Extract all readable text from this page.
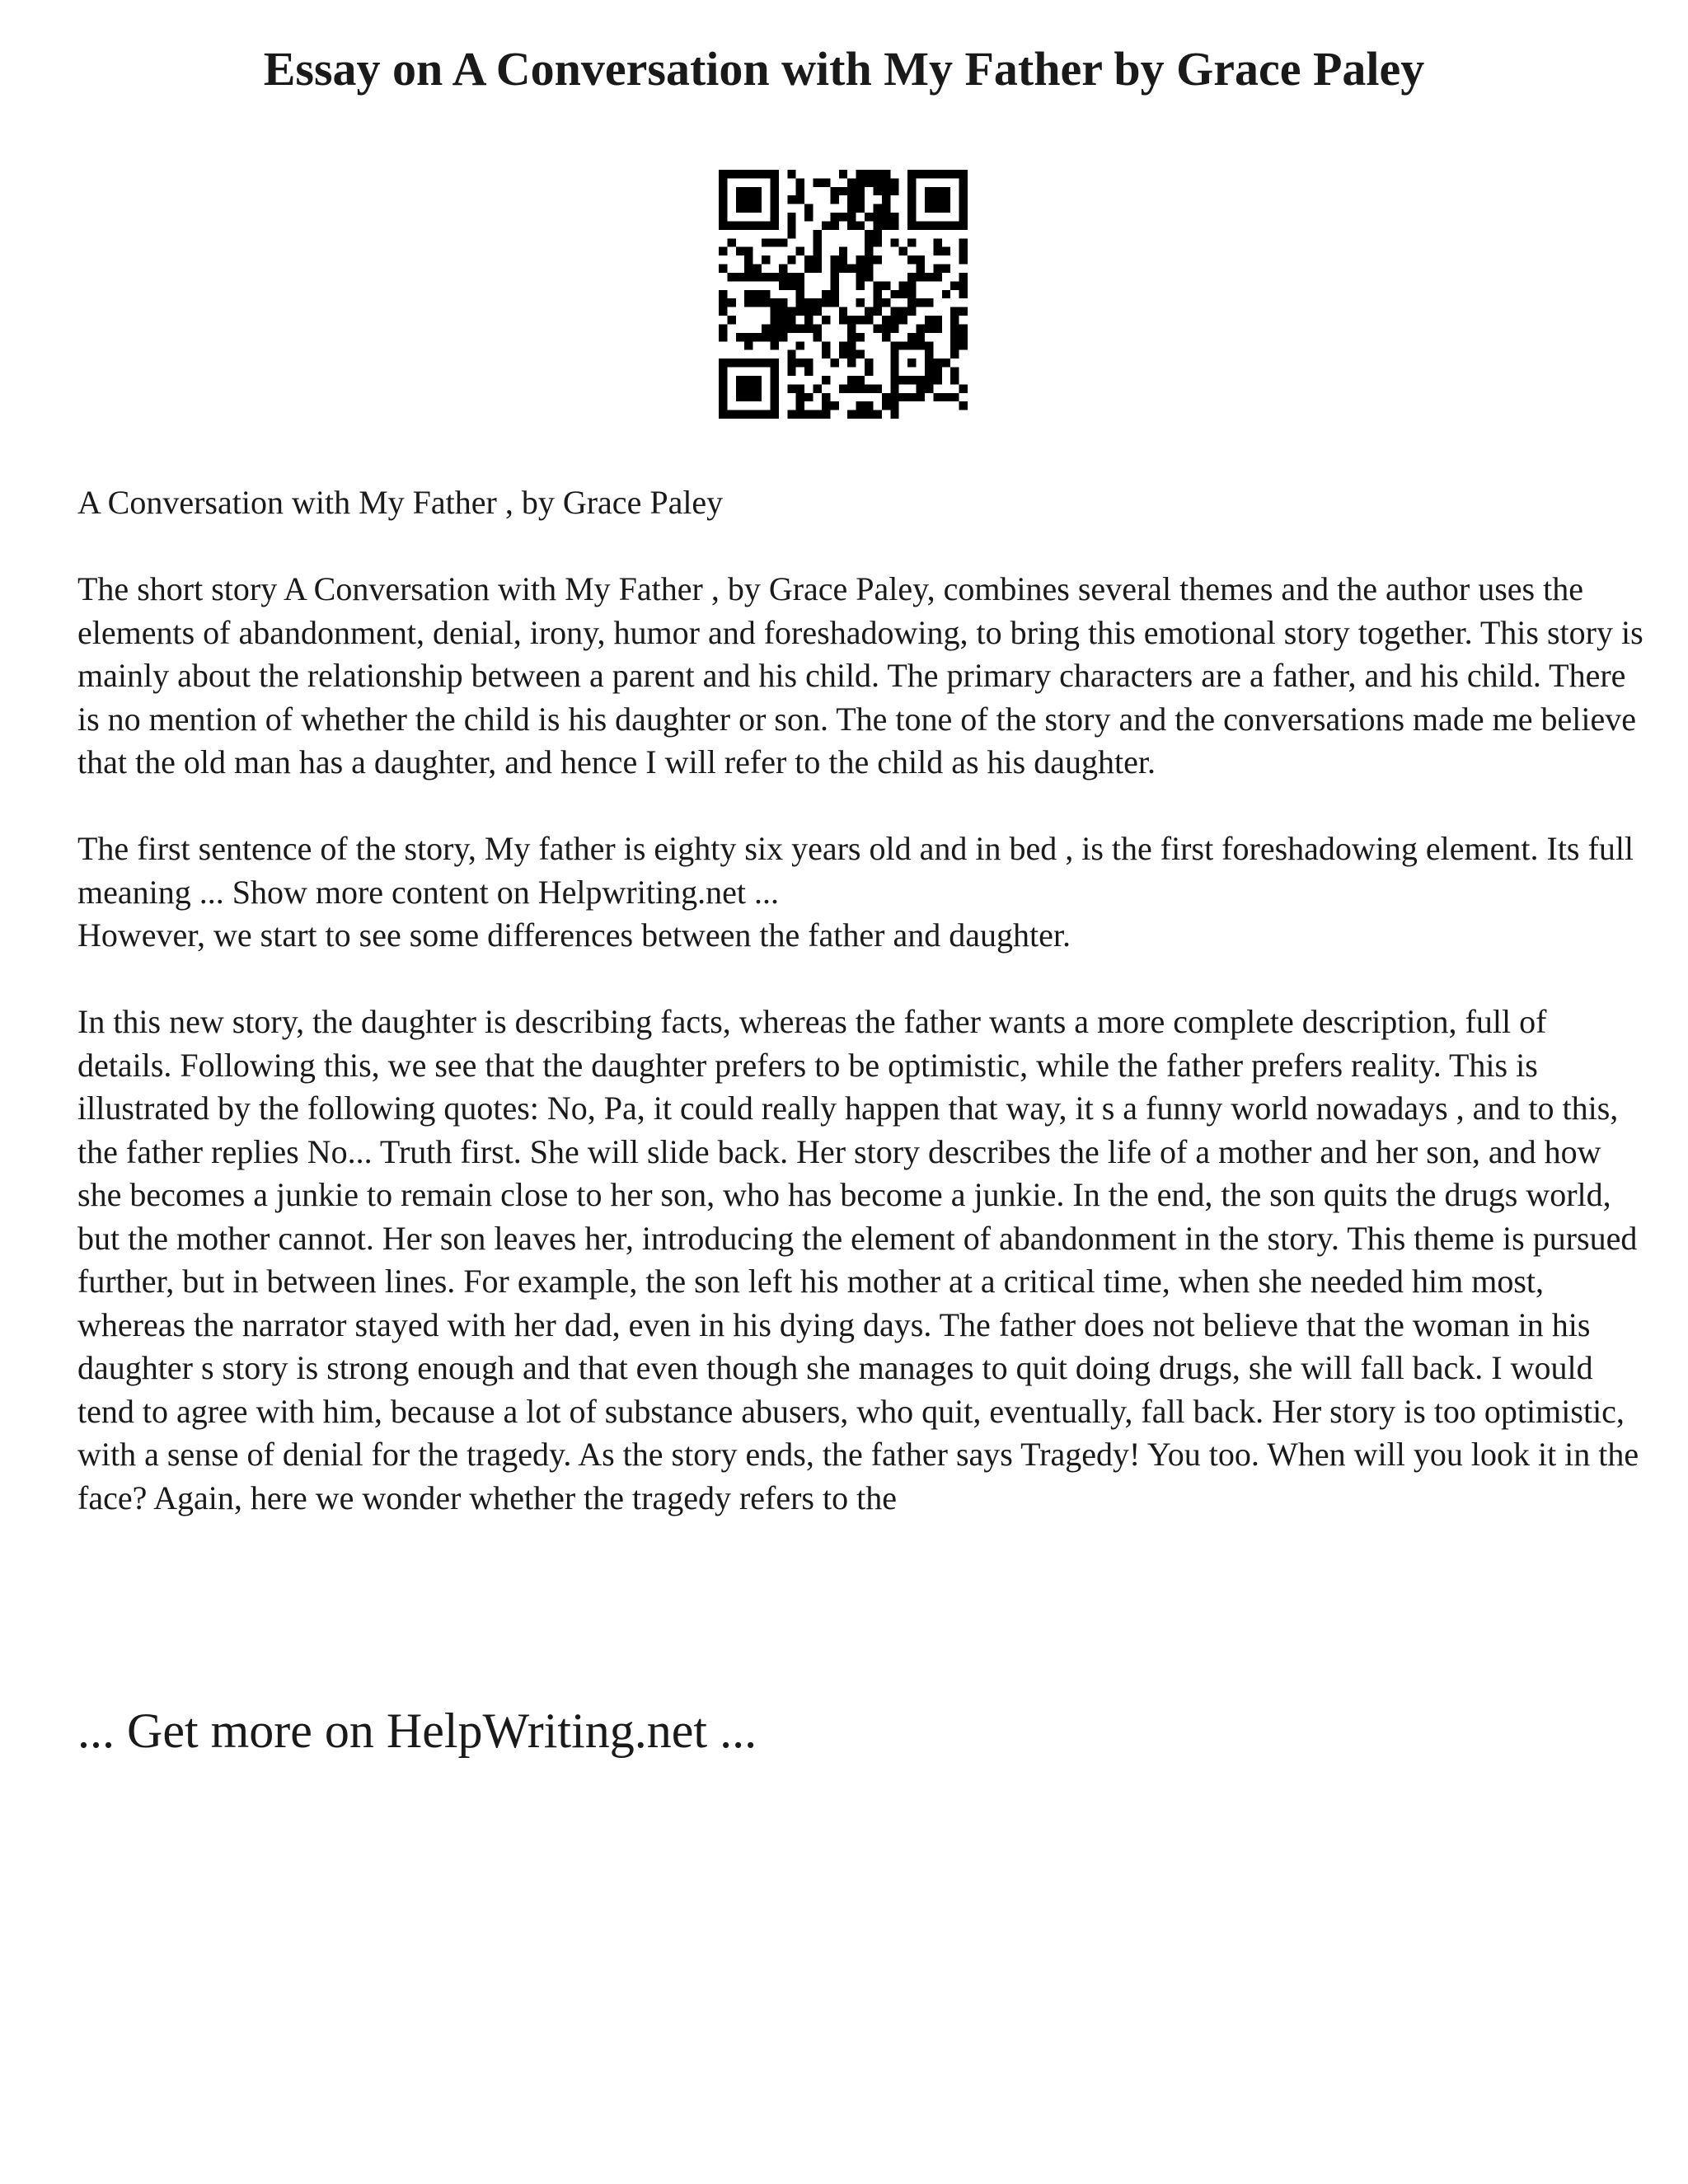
Essay on A Conversation with My Father by Grace Paley

A Conversation with My Father , by Grace Paley

The short story A Conversation with My Father , by Grace Paley, combines several themes and the author uses the elements of abandonment, denial, irony, humor and foreshadowing, to bring this emotional story together. This story is mainly about the relationship between a parent and his child. The primary characters are a father, and his child. There is no mention of whether the child is his daughter or son. The tone of the story and the conversations made me believe that the old man has a daughter, and hence I will refer to the child as his daughter.

The first sentence of the story, My father is eighty six years old and in bed , is the first foreshadowing element. Its full meaning ... Show more content on Helpwriting.net ...

However, we start to see some differences between the father and daughter.

In this new story, the daughter is describing facts, whereas the father wants a more complete description, full of details. Following this, we see that the daughter prefers to be optimistic, while the father prefers reality. This is illustrated by the following quotes: No, Pa, it could really happen that way, it s a funny world nowadays , and to this, the father replies No... Truth first. She will slide back. Her story describes the life of a mother and her son, and how she becomes a junkie to remain close to her son, who has become a junkie. In the end, the son quits the drugs world, but the mother cannot. Her son leaves her, introducing the element of abandonment in the story. This theme is pursued further, but in between lines. For example, the son left his mother at a critical time, when she needed him most, whereas the narrator stayed with her dad, even in his dying days. The father does not believe that the woman in his daughter s story is strong enough and that even though she manages to quit doing drugs, she will fall back. I would tend to agree with him, because a lot of substance abusers, who quit, eventually, fall back. Her story is too optimistic, with a sense of denial for the tragedy. As the story ends, the father says Tragedy! You too. When will you look it in the face? Again, here we wonder whether the tragedy refers to the

... Get more on HelpWriting.net ...
